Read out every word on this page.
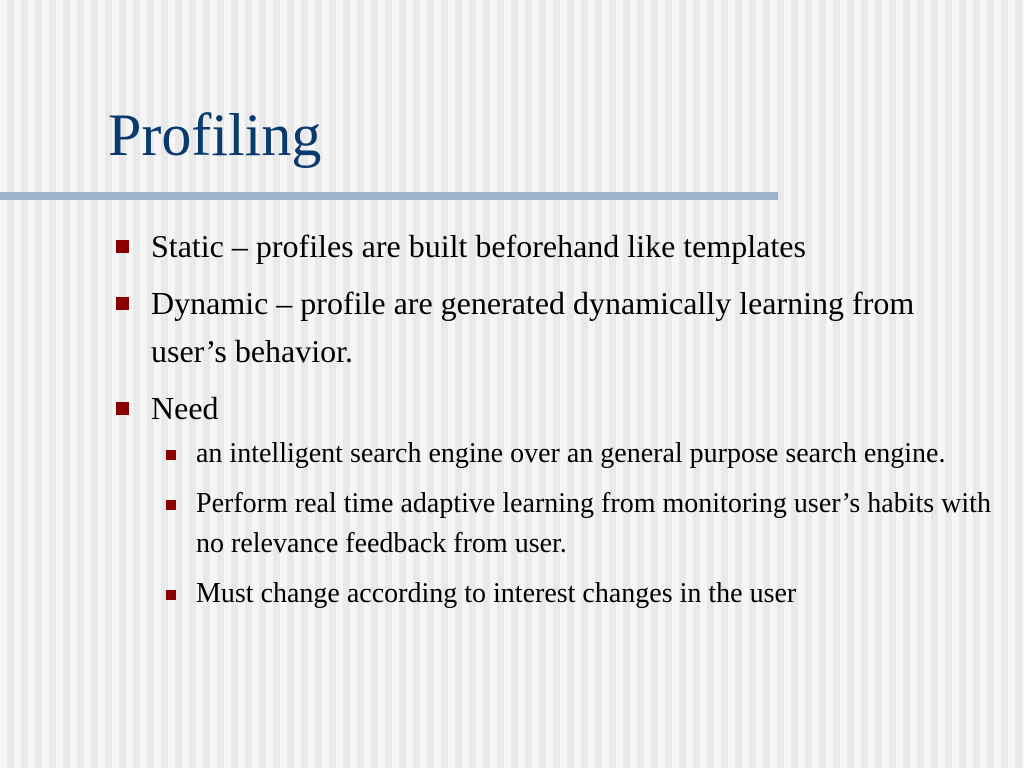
Profiling
Static – profiles are built beforehand like templates
Dynamic – profile are generated dynamically learning from user’s behavior.
Need
an intelligent search engine over an general purpose search engine.
Perform real time adaptive learning from monitoring user’s habits with no relevance feedback from user.
Must change according to interest changes in the user
